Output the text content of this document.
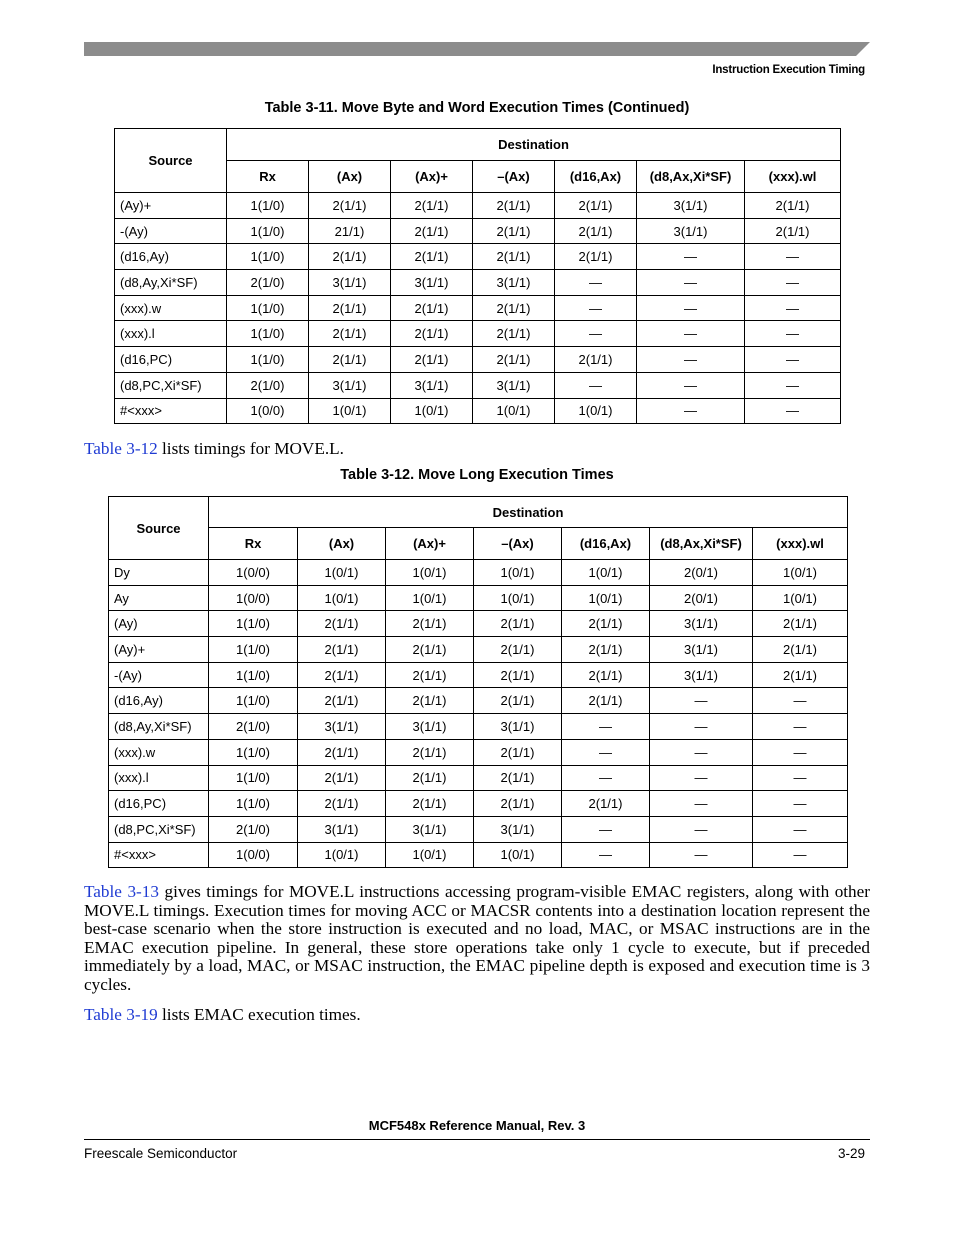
Instruction Execution Timing
Table 3-11. Move Byte and Word Execution Times (Continued)
Source	Destination						
	Rx	(Ax)	(Ax)+	–(Ax)	(d16,Ax)	(d8,Ax,Xi*SF)	(xxx).wl
(Ay)+	1(1/0)	2(1/1)	2(1/1)	2(1/1)	2(1/1)	3(1/1)	2(1/1)
-(Ay)	1(1/0)	21/1)	2(1/1)	2(1/1)	2(1/1)	3(1/1)	2(1/1)
(d16,Ay)	1(1/0)	2(1/1)	2(1/1)	2(1/1)	2(1/1)	—	—
(d8,Ay,Xi*SF)	2(1/0)	3(1/1)	3(1/1)	3(1/1)	—	—	—
(xxx).w	1(1/0)	2(1/1)	2(1/1)	2(1/1)	—	—	—
(xxx).l	1(1/0)	2(1/1)	2(1/1)	2(1/1)	—	—	—
(d16,PC)	1(1/0)	2(1/1)	2(1/1)	2(1/1)	2(1/1)	—	—
(d8,PC,Xi*SF)	2(1/0)	3(1/1)	3(1/1)	3(1/1)	—	—	—
#<xxx>	1(0/0)	1(0/1)	1(0/1)	1(0/1)	1(0/1)	—	—
Table 3-12 lists timings for MOVE.L.
Table 3-12. Move Long Execution Times
Source	Destination						
	Rx	(Ax)	(Ax)+	–(Ax)	(d16,Ax)	(d8,Ax,Xi*SF)	(xxx).wl
Dy	1(0/0)	1(0/1)	1(0/1)	1(0/1)	1(0/1)	2(0/1)	1(0/1)
Ay	1(0/0)	1(0/1)	1(0/1)	1(0/1)	1(0/1)	2(0/1)	1(0/1)
(Ay)	1(1/0)	2(1/1)	2(1/1)	2(1/1)	2(1/1)	3(1/1)	2(1/1)
(Ay)+	1(1/0)	2(1/1)	2(1/1)	2(1/1)	2(1/1)	3(1/1)	2(1/1)
-(Ay)	1(1/0)	2(1/1)	2(1/1)	2(1/1)	2(1/1)	3(1/1)	2(1/1)
(d16,Ay)	1(1/0)	2(1/1)	2(1/1)	2(1/1)	2(1/1)	—	—
(d8,Ay,Xi*SF)	2(1/0)	3(1/1)	3(1/1)	3(1/1)	—	—	—
(xxx).w	1(1/0)	2(1/1)	2(1/1)	2(1/1)	—	—	—
(xxx).l	1(1/0)	2(1/1)	2(1/1)	2(1/1)	—	—	—
(d16,PC)	1(1/0)	2(1/1)	2(1/1)	2(1/1)	2(1/1)	—	—
(d8,PC,Xi*SF)	2(1/0)	3(1/1)	3(1/1)	3(1/1)	—	—	—
#<xxx>	1(0/0)	1(0/1)	1(0/1)	1(0/1)	—	—	—
Table 3-13 gives timings for MOVE.L instructions accessing program-visible EMAC registers, along with other MOVE.L timings. Execution times for moving ACC or MACSR contents into a destination location represent the best-case scenario when the store instruction is executed and no load, MAC, or MSAC instructions are in the EMAC execution pipeline. In general, these store operations take only 1 cycle to execute, but if preceded immediately by a load, MAC, or MSAC instruction, the EMAC pipeline depth is exposed and execution time is 3 cycles.
Table 3-19 lists EMAC execution times.
MCF548x Reference Manual, Rev. 3
Freescale Semiconductor	3-29
